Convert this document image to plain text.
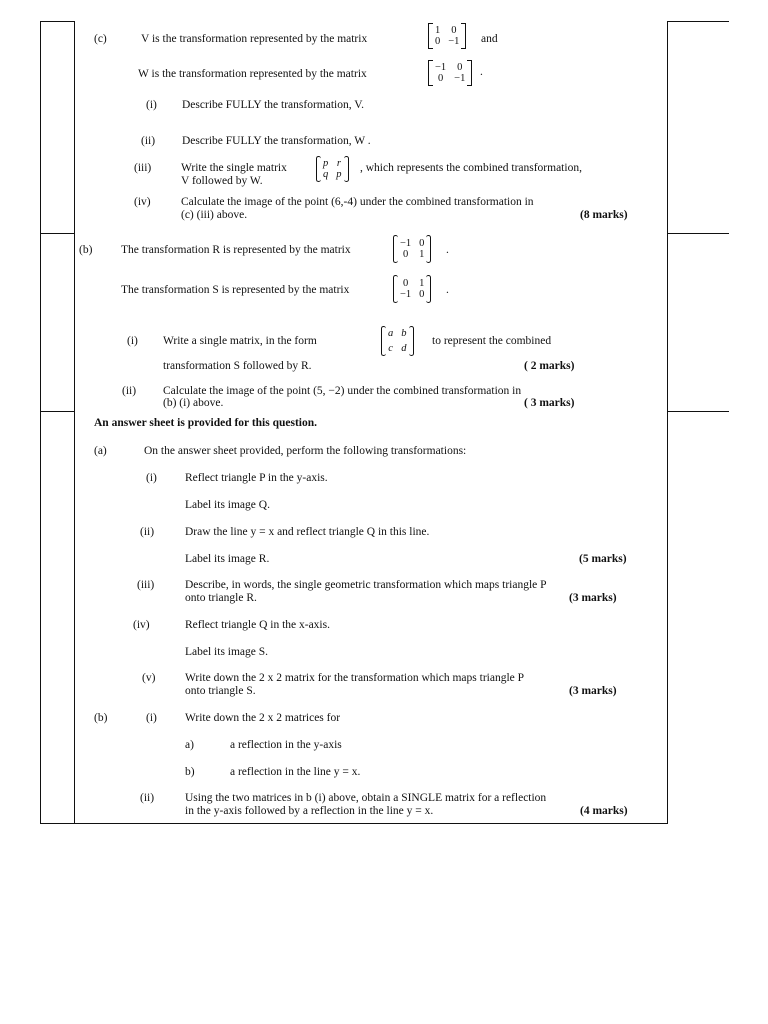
(c)	V is the transformation represented by the matrix
1 0
0 −1 and
W is the transformation represented by the matrix
−1 0
0 −1
.
(i) Describe FULLY the transformation, V.
(ii) Describe FULLY the transformation, W .
(iii)	Write the single matrix	p r
q p
, which represents the combined transformation,
V followed by W.
(iv)	Calculate the image of the point (6,-4) under the combined transformation in
(c) (iii) above.	(8 marks)
(b) The transformation R is represented by the matrix
−1 0
0 1 .
The transformation S is represented by the matrix
0 1
−1 0 .
(i) Write a single matrix, in the form
a b
c d
to represent the combined
transformation S followed by R.	( 2 marks)
(ii) Calculate the image of the point (5, −2) under the combined transformation in
(b) (i) above.	( 3 marks)
An answer sheet is provided for this question.
(a)	On the answer sheet provided, perform the following transformations:
(i) Reflect triangle P in the y-axis.
Label its image Q.
(ii)	Draw the line y = x and reflect triangle Q in this line.
Label its image R.	(5 marks)
(iii)	Describe, in words, the single geometric transformation which maps triangle P
onto triangle R.	(3 marks)
(iv)	Reflect triangle Q in the x-axis.
Label its image S.
(v)	Write down the 2 x 2 matrix for the transformation which maps triangle P
onto triangle S.	(3 marks)
(b)	(i) Write down the 2 x 2 matrices for
a)	a reflection in the y-axis
b)	a reflection in the line y = x.
(ii)	Using the two matrices in b (i) above, obtain a SINGLE matrix for a reflection
in the y-axis followed by a reflection in the line y = x.	(4 marks)
